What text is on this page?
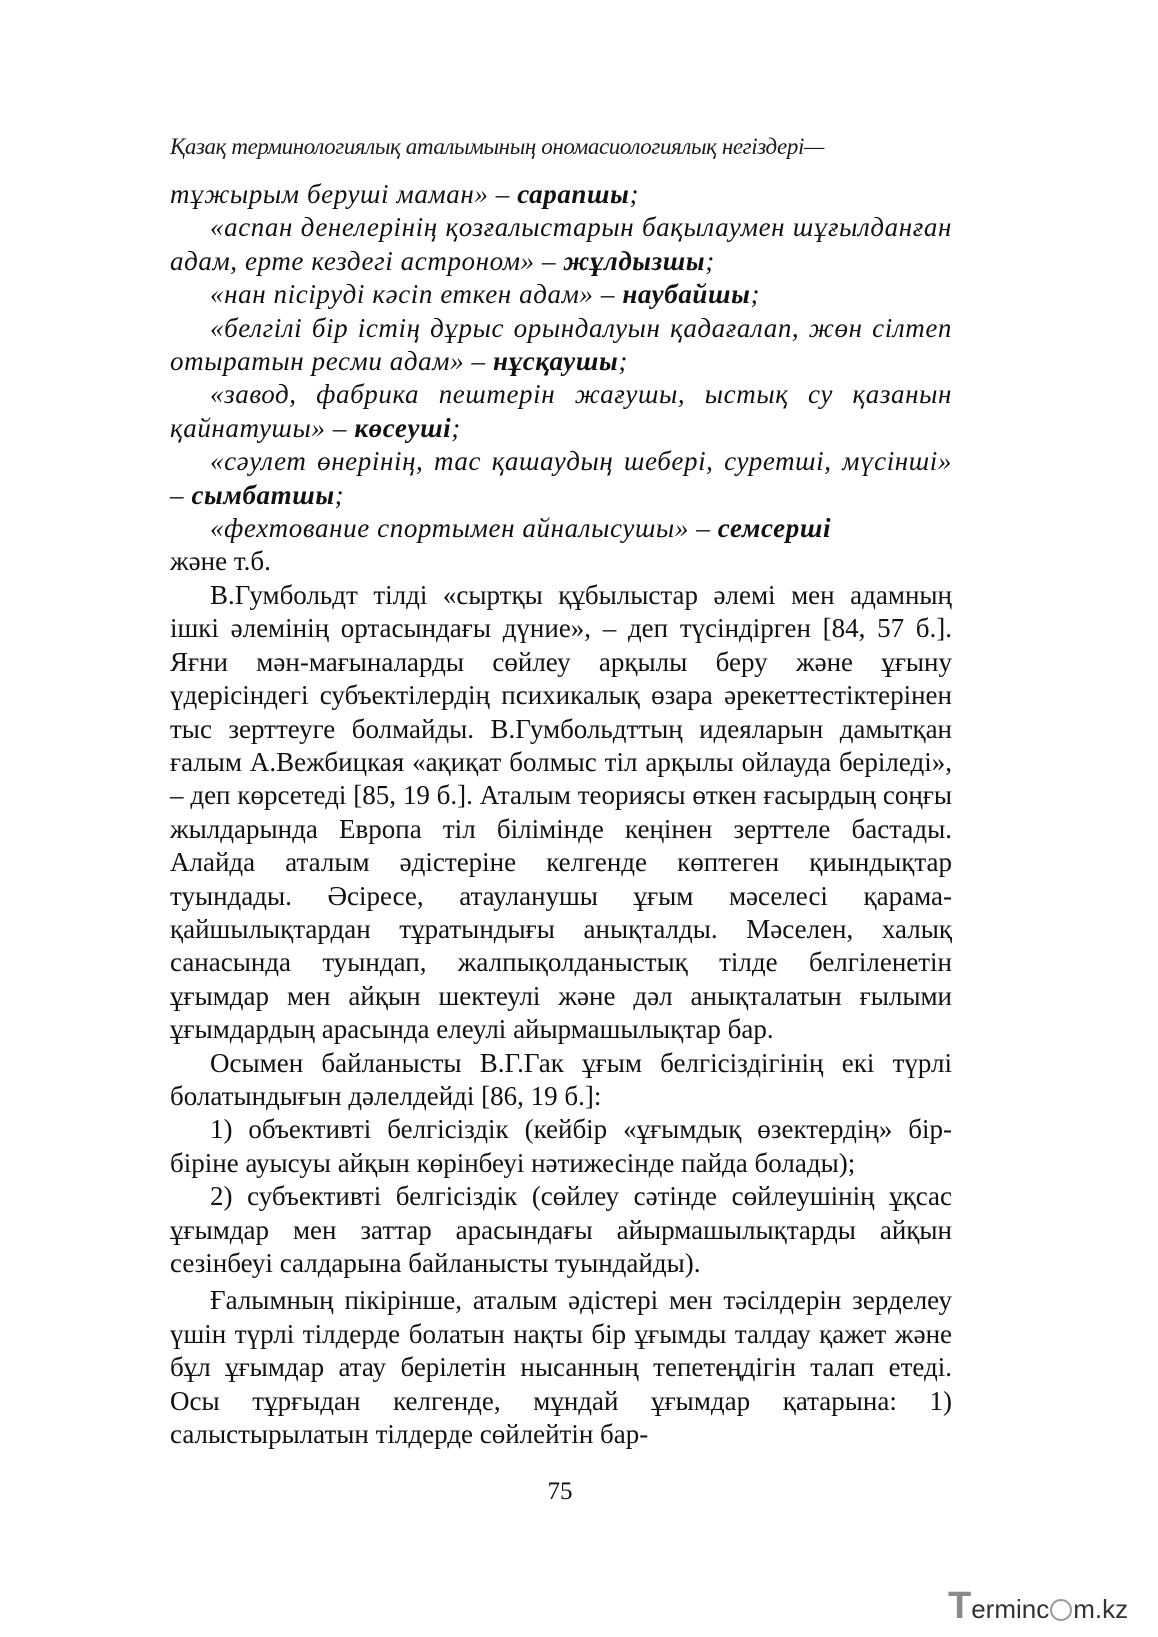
Қазақ терминологиялық аталымының ономасиологиялық негіздері—

тұжырым беруші маман» – сарапшы;

«аспан денелерінің қозғалыстарын бақылаумен шұғылданған адам, ерте кездегі астроном» – жұлдызшы;

«нан пісіруді кәсіп еткен адам» – наубайшы;

«белгілі бір істің дұрыс орындалуын қадағалап, жөн сілтеп отыратын ресми адам» – нұсқаушы;

«завод, фабрика пештерін жағушы, ыстық су қазанын қайнатушы» – көсеуші;

«сәулет өнерінің, тас қашаудың шебері, суретші, мүсінші» – сымбатшы;

«фехтование спортымен айналысушы» – семсерші

және т.б.

В.Гумбольдт тілді «сыртқы құбылыстар әлемі мен адамның ішкі әлемінің ортасындағы дүние», – деп түсіндірген [84, 57 б.]. Яғни мән-мағыналарды сөйлеу арқылы беру және ұғыну үдерісіндегі субъектілердің психикалық өзара әрекеттестіктерінен тыс зерттеуге болмайды. В.Гумбольдттың идеяларын дамытқан ғалым А.Вежбицкая «ақиқат болмыс тіл арқылы ойлауда беріледі», – деп көрсетеді [85, 19 б.]. Аталым теориясы өткен ғасырдың соңғы жылдарында Европа тіл білімінде кеңінен зерттеле бастады. Алайда аталым әдістеріне келгенде көптеген қиындықтар туындады. Әсіресе, атауланушы ұғым мәселесі қарама-қайшылықтардан тұратындығы анықталды. Мәселен, халық санасында туындап, жалпықолданыстық тілде белгіленетін ұғымдар мен айқын шектеулі және дәл анықталатын ғылыми ұғымдардың арасында елеулі айырмашылықтар бар.

Осымен байланысты В.Г.Гак ұғым белгісіздігінің екі түрлі болатындығын дәлелдейді [86, 19 б.]:

1) объективті белгісіздік (кейбір «ұғымдық өзектердің» бірбіріне ауысуы айқын көрінбеуі нәтижесінде пайда болады);

2) субъективті белгісіздік (сөйлеу сәтінде сөйлеушінің ұқсас ұғымдар мен заттар арасындағы айырмашылықтарды айқын сезінбеуі салдарына байланысты туындайды).

Ғалымның пікірінше, аталым әдістері мен тәсілдерін зерделеу үшін түрлі тілдерде болатын нақты бір ұғымды талдау қажет және бұл ұғымдар атау берілетін нысанның тепетеңдігін талап етеді. Осы тұрғыдан келгенде, мұндай ұғымдар қатарына: 1) салыстырылатын тілдерде сөйлейтін бар-

75
Terminc m.kz
